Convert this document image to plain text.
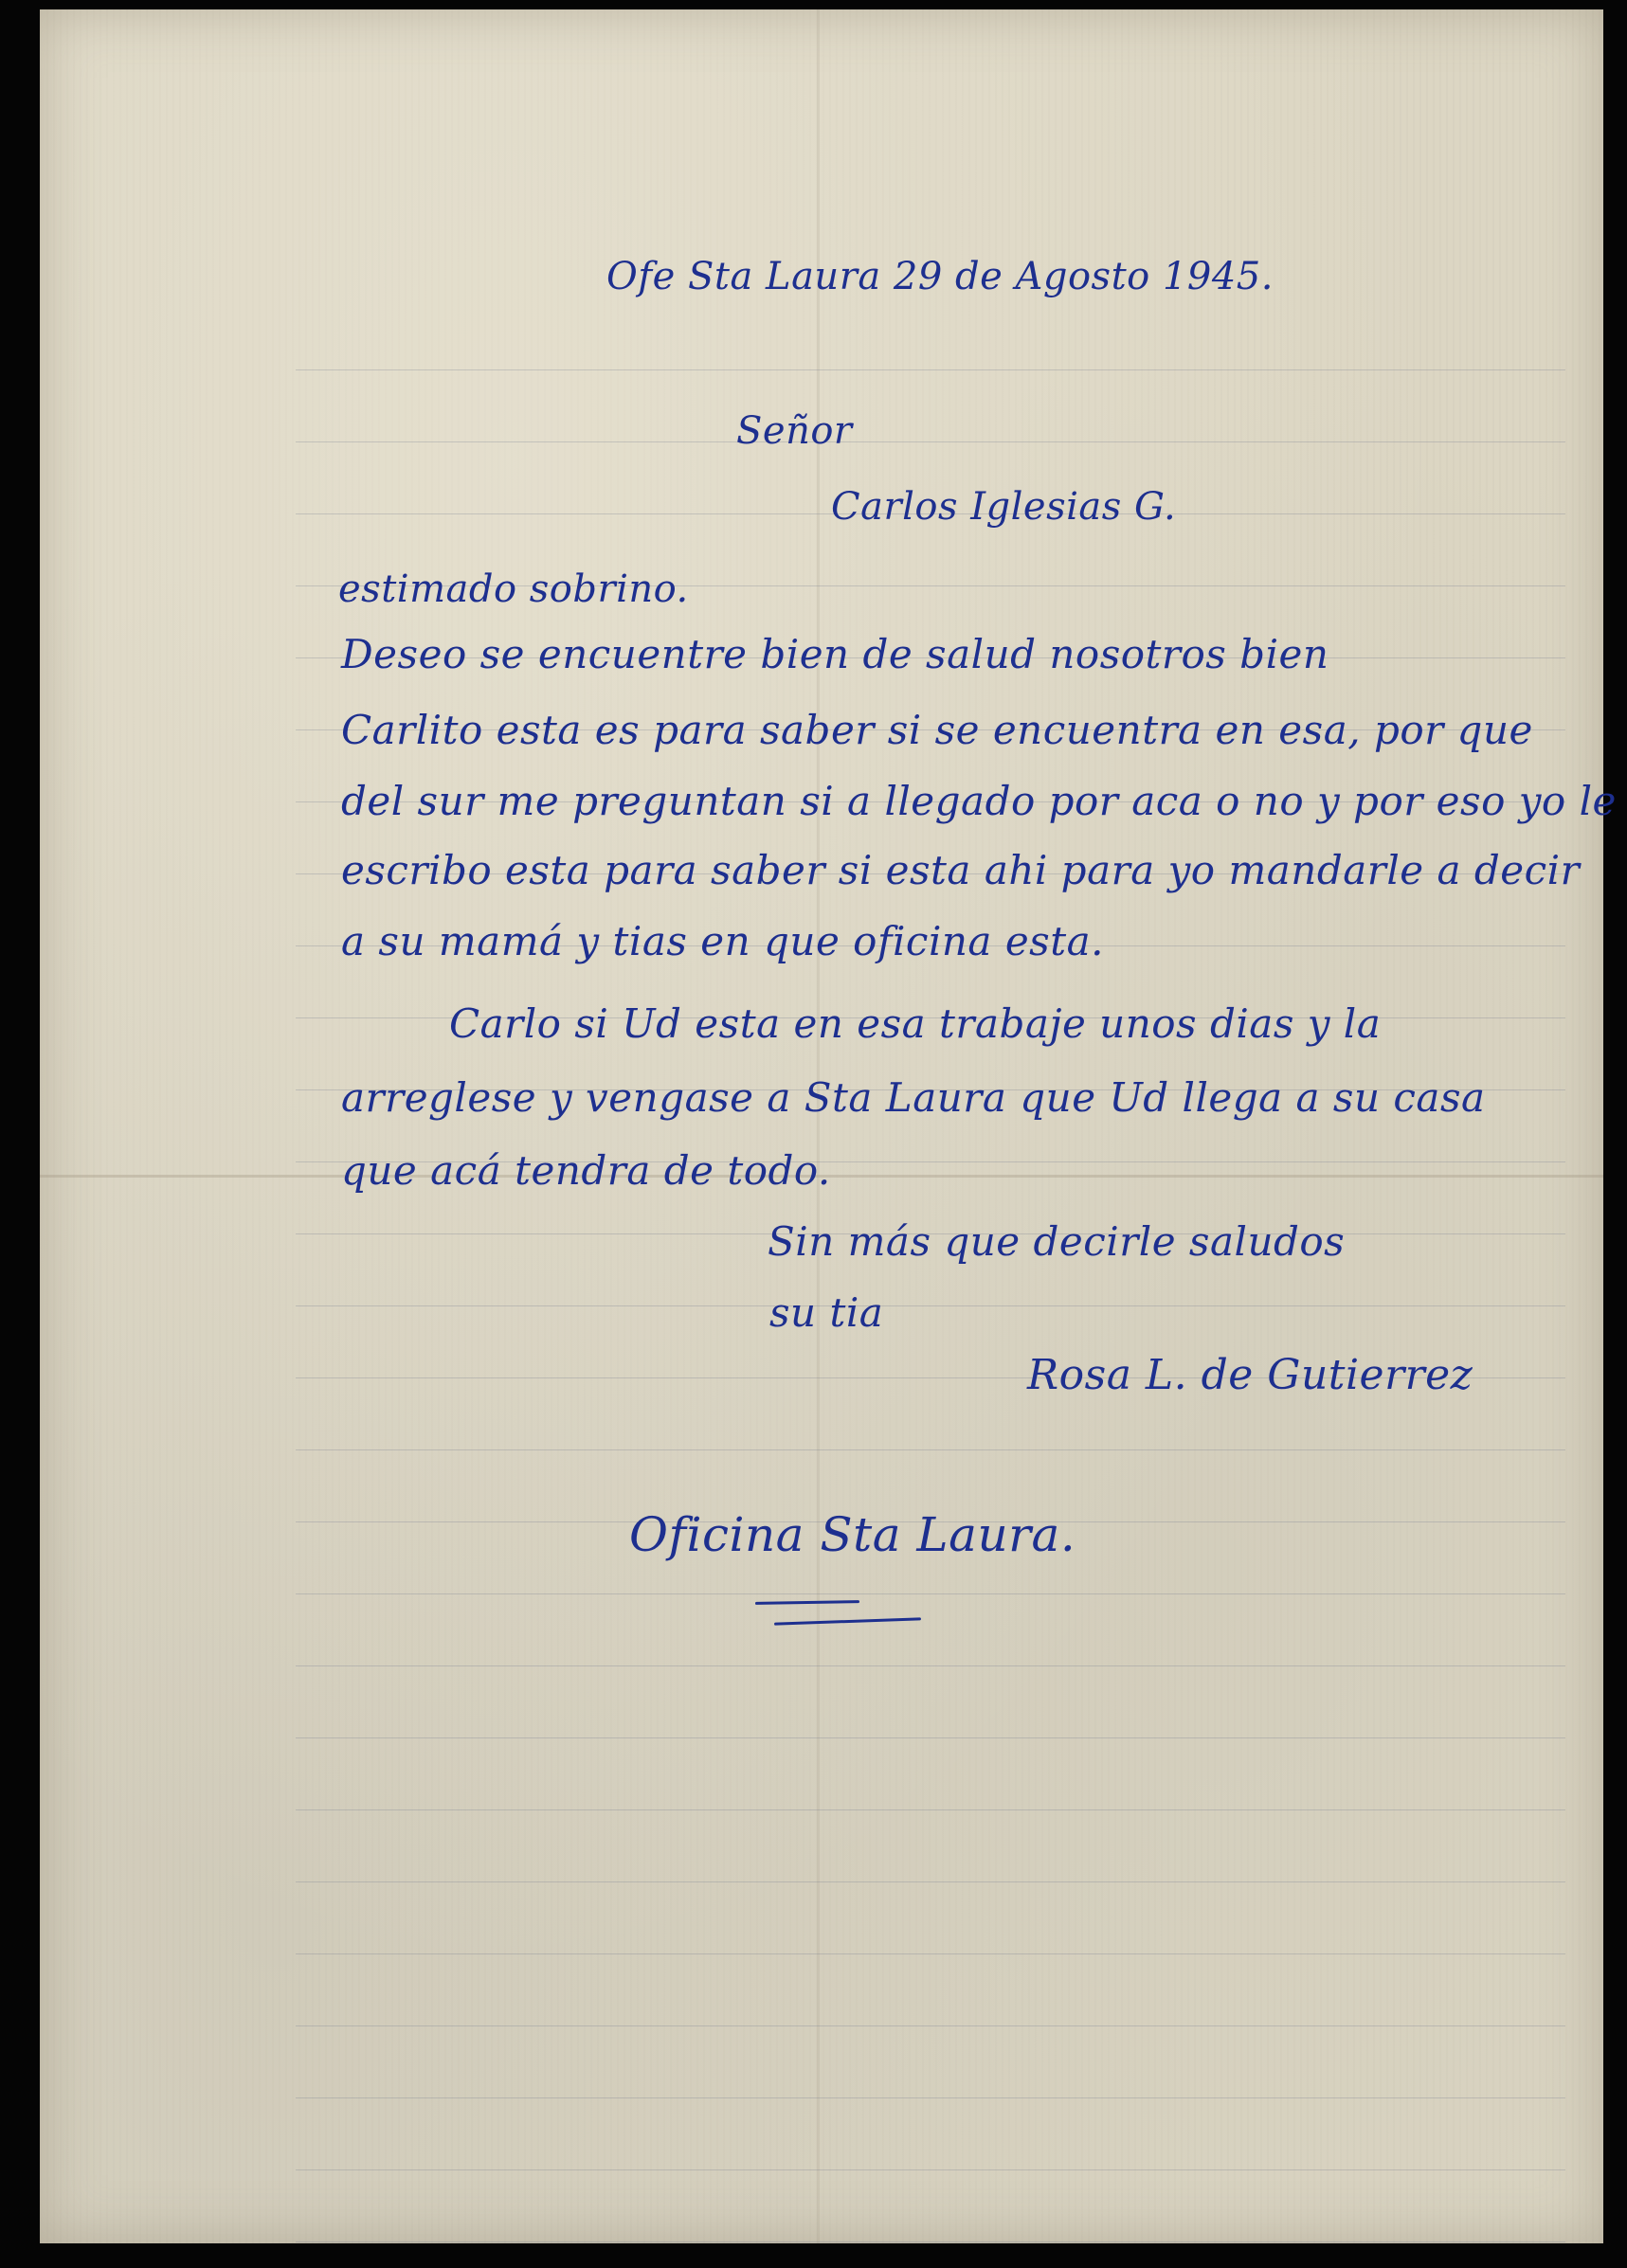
Ofe Sta Laura 29 de Agosto 1945.
Señor
Carlos Iglesias G.
estimado sobrino.
Deseo se encuentre bien de salud nosotros bien
Carlito esta es para saber si se encuentra en esa, por que
del sur me preguntan si a llegado por aca o no y por eso yo le
escribo esta para saber si esta ahi para yo mandarle a decir
a su mamá y tias en que oficina esta.
Carlo si Ud esta en esa trabaje unos dias y la
arreglese y vengase a Sta Laura que Ud llega a su casa
que acá tendra de todo.
Sin más que decirle saludos
su tia
Rosa L. de Gutierrez
Oficina Sta Laura.
